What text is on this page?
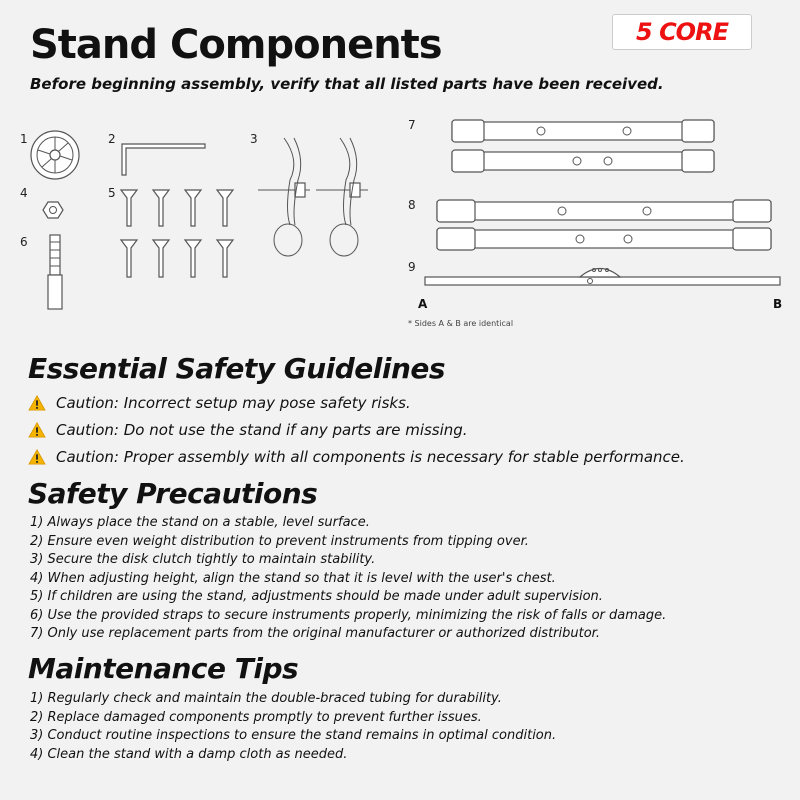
Stand Components
Before beginning assembly, verify that all listed parts have been received.
5 CORE
1	2	3
4	5
6
7
8
9
A	B
* Sides A & B are identical
Essential Safety Guidelines
Caution: Incorrect setup may pose safety risks.
Caution: Do not use the stand if any parts are missing.
Caution: Proper assembly with all components is necessary for stable performance.
Safety Precautions
1) Always place the stand on a stable, level surface.
2) Ensure even weight distribution to prevent instruments from tipping over.
3) Secure the disk clutch tightly to maintain stability.
4) When adjusting height, align the stand so that it is level with the user's chest.
5) If children are using the stand, adjustments should be made under adult supervision.
6) Use the provided straps to secure instruments properly, minimizing the risk of falls or damage.
7) Only use replacement parts from the original manufacturer or authorized distributor.
Maintenance Tips
1) Regularly check and maintain the double-braced tubing for durability.
2) Replace damaged components promptly to prevent further issues.
3) Conduct routine inspections to ensure the stand remains in optimal condition.
4) Clean the stand with a damp cloth as needed.
